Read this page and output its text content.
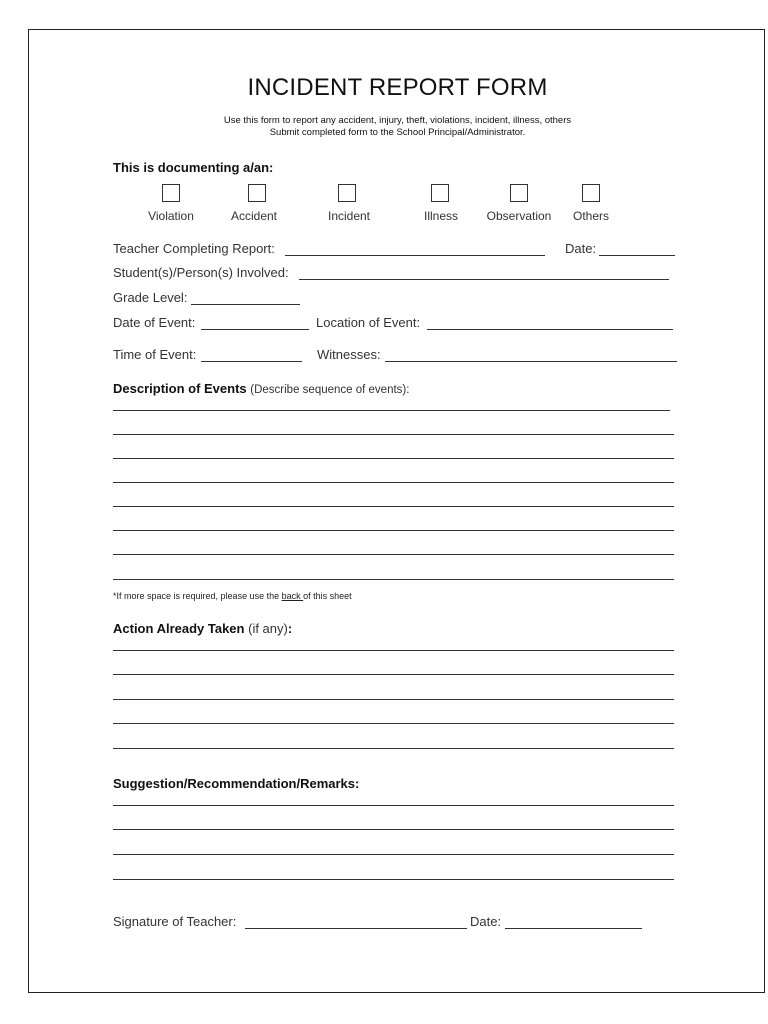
INCIDENT REPORT FORM
Use this form to report any accident, injury, theft, violations, incident, illness, others
Submit completed form to the School Principal/Administrator.
This is documenting a/an:
Violation	Accident	Incident	Illness	Observation	Others
Teacher Completing Report:	Date:
Student(s)/Person(s) Involved:
Grade Level:
Date of Event:	Location of Event:
Time of Event:	Witnesses:
Description of Events (Describe sequence of events):
*If more space is required, please use the back of this sheet
Action Already Taken (if any):
Suggestion/Recommendation/Remarks:
Signature of Teacher:	Date:
